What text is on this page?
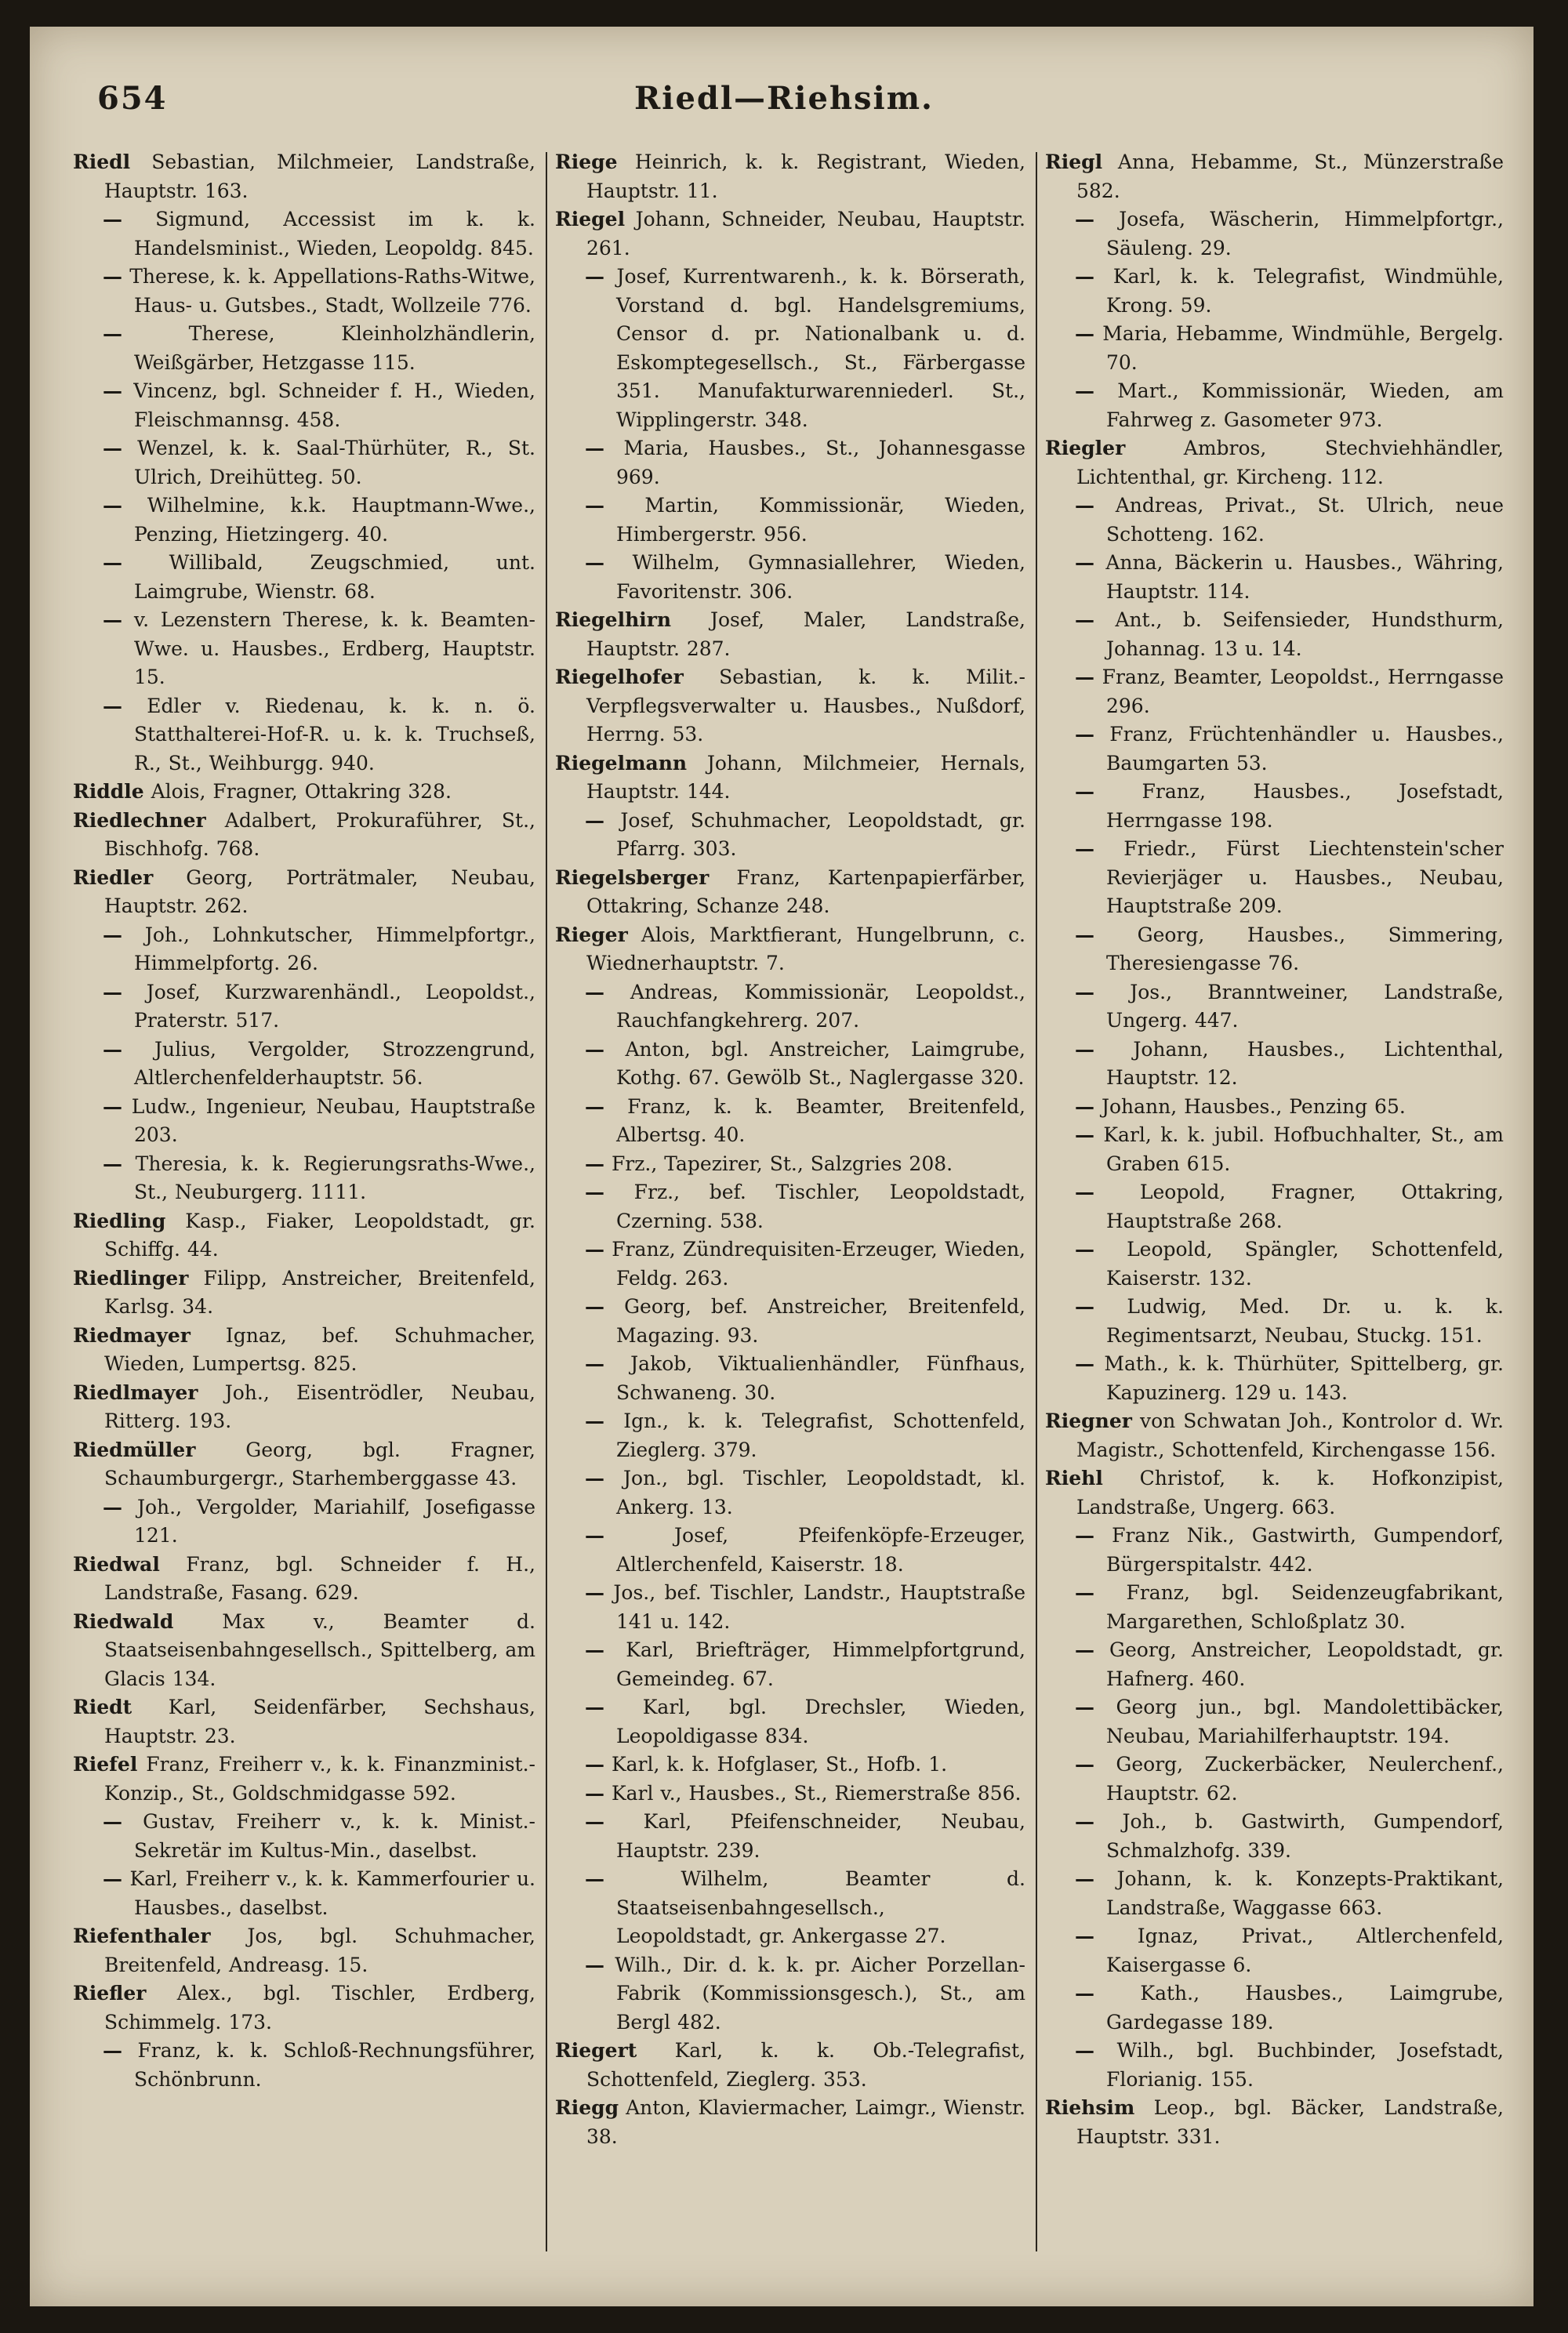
654	Riedl—Riehsim.

Riedl Sebastian, Milchmeier, Landstraße, Hauptstr. 163.

— Sigmund, Accessist im k. k. Handelsminist., Wieden, Leopoldg. 845.

— Therese, k. k. Appellations-Raths-Witwe, Haus- u. Gutsbes., Stadt, Wollzeile 776.

— Therese, Kleinholzhändlerin, Weißgärber, Hetzgasse 115.

— Vincenz, bgl. Schneider f. H., Wieden, Fleischmannsg. 458.

— Wenzel, k. k. Saal-Thürhüter, R., St. Ulrich, Dreihütteg. 50.

— Wilhelmine, k.k. Hauptmann-Wwe., Penzing, Hietzingerg. 40.

— Willibald, Zeugschmied, unt. Laimgrube, Wienstr. 68.

— v. Lezenstern Therese, k. k. Beamten-Wwe. u. Hausbes., Erdberg, Hauptstr. 15.

— Edler v. Riedenau, k. k. n. ö. Statthalterei-Hof-R. u. k. k. Truchseß, R., St., Weihburgg. 940.

Riddle Alois, Fragner, Ottakring 328.

Riedlechner Adalbert, Prokuraführer, St., Bischhofg. 768.

Riedler Georg, Porträtmaler, Neubau, Hauptstr. 262.

— Joh., Lohnkutscher, Himmelpfortgr., Himmelpfortg. 26.

— Josef, Kurzwarenhändl., Leopoldst., Praterstr. 517.

— Julius, Vergolder, Strozzengrund, Altlerchenfelderhauptstr. 56.

— Ludw., Ingenieur, Neubau, Hauptstraße 203.

— Theresia, k. k. Regierungsraths-Wwe., St., Neuburgerg. 1111.

Riedling Kasp., Fiaker, Leopoldstadt, gr. Schiffg. 44.

Riedlinger Filipp, Anstreicher, Breitenfeld, Karlsg. 34.

Riedmayer Ignaz, bef. Schuhmacher, Wieden, Lumpertsg. 825.

Riedlmayer Joh., Eisentrödler, Neubau, Ritterg. 193.

Riedmüller Georg, bgl. Fragner, Schaumburgergr., Starhemberggasse 43.

— Joh., Vergolder, Mariahilf, Josefigasse 121.

Riedwal Franz, bgl. Schneider f. H., Landstraße, Fasang. 629.

Riedwald Max v., Beamter d. Staatseisenbahngesellsch., Spittelberg, am Glacis 134.

Riedt Karl, Seidenfärber, Sechshaus, Hauptstr. 23.

Riefel Franz, Freiherr v., k. k. Finanzminist.-Konzip., St., Goldschmidgasse 592.

— Gustav, Freiherr v., k. k. Minist.-Sekretär im Kultus-Min., daselbst.

— Karl, Freiherr v., k. k. Kammerfourier u. Hausbes., daselbst.

Riefenthaler Jos, bgl. Schuhmacher, Breitenfeld, Andreasg. 15.

Riefler Alex., bgl. Tischler, Erdberg, Schimmelg. 173.

— Franz, k. k. Schloß-Rechnungsführer, Schönbrunn.

Riege Heinrich, k. k. Registrant, Wieden, Hauptstr. 11.

Riegel Johann, Schneider, Neubau, Hauptstr. 261.

— Josef, Kurrentwarenh., k. k. Börserath, Vorstand d. bgl. Handelsgremiums, Censor d. pr. Nationalbank u. d. Eskomptegesellsch., St., Färbergasse 351. Manufakturwarenniederl. St., Wipplingerstr. 348.

— Maria, Hausbes., St., Johannesgasse 969.

— Martin, Kommissionär, Wieden, Himbergerstr. 956.

— Wilhelm, Gymnasiallehrer, Wieden, Favoritenstr. 306.

Riegelhirn Josef, Maler, Landstraße, Hauptstr. 287.

Riegelhofer Sebastian, k. k. Milit.-Verpflegsverwalter u. Hausbes., Nußdorf, Herrng. 53.

Riegelmann Johann, Milchmeier, Hernals, Hauptstr. 144.

— Josef, Schuhmacher, Leopoldstadt, gr. Pfarrg. 303.

Riegelsberger Franz, Kartenpapierfärber, Ottakring, Schanze 248.

Rieger Alois, Marktfierant, Hungelbrunn, c. Wiednerhauptstr. 7.

— Andreas, Kommissionär, Leopoldst., Rauchfangkehrerg. 207.

— Anton, bgl. Anstreicher, Laimgrube, Kothg. 67. Gewölb St., Naglergasse 320.

— Franz, k. k. Beamter, Breitenfeld, Albertsg. 40.

— Frz., Tapezirer, St., Salzgries 208.

— Frz., bef. Tischler, Leopoldstadt, Czerning. 538.

— Franz, Zündrequisiten-Erzeuger, Wieden, Feldg. 263.

— Georg, bef. Anstreicher, Breitenfeld, Magazing. 93.

— Jakob, Viktualienhändler, Fünfhaus, Schwaneng. 30.

— Ign., k. k. Telegrafist, Schottenfeld, Zieglerg. 379.

— Jon., bgl. Tischler, Leopoldstadt, kl. Ankerg. 13.

— Josef, Pfeifenköpfe-Erzeuger, Altlerchenfeld, Kaiserstr. 18.

— Jos., bef. Tischler, Landstr., Hauptstraße 141 u. 142.

— Karl, Briefträger, Himmelpfortgrund, Gemeindeg. 67.

— Karl, bgl. Drechsler, Wieden, Leopoldigasse 834.

— Karl, k. k. Hofglaser, St., Hofb. 1.

— Karl v., Hausbes., St., Riemerstraße 856.

— Karl, Pfeifenschneider, Neubau, Hauptstr. 239.

— Wilhelm, Beamter d. Staatseisenbahngesellsch., Leopoldstadt, gr. Ankergasse 27.

— Wilh., Dir. d. k. k. pr. Aicher Porzellan-Fabrik (Kommissionsgesch.), St., am Bergl 482.

Riegert Karl, k. k. Ob.-Telegrafist, Schottenfeld, Zieglerg. 353.

Riegg Anton, Klaviermacher, Laimgr., Wienstr. 38.

Riegl Anna, Hebamme, St., Münzerstraße 582.

— Josefa, Wäscherin, Himmelpfortgr., Säuleng. 29.

— Karl, k. k. Telegrafist, Windmühle, Krong. 59.

— Maria, Hebamme, Windmühle, Bergelg. 70.

— Mart., Kommissionär, Wieden, am Fahrweg z. Gasometer 973.

Riegler Ambros, Stechviehhändler, Lichtenthal, gr. Kircheng. 112.

— Andreas, Privat., St. Ulrich, neue Schotteng. 162.

— Anna, Bäckerin u. Hausbes., Währing, Hauptstr. 114.

— Ant., b. Seifensieder, Hundsthurm, Johannag. 13 u. 14.

— Franz, Beamter, Leopoldst., Herrngasse 296.

— Franz, Früchtenhändler u. Hausbes., Baumgarten 53.

— Franz, Hausbes., Josefstadt, Herrngasse 198.

— Friedr., Fürst Liechtenstein'scher Revierjäger u. Hausbes., Neubau, Hauptstraße 209.

— Georg, Hausbes., Simmering, Theresiengasse 76.

— Jos., Branntweiner, Landstraße, Ungerg. 447.

— Johann, Hausbes., Lichtenthal, Hauptstr. 12.

— Johann, Hausbes., Penzing 65.

— Karl, k. k. jubil. Hofbuchhalter, St., am Graben 615.

— Leopold, Fragner, Ottakring, Hauptstraße 268.

— Leopold, Spängler, Schottenfeld, Kaiserstr. 132.

— Ludwig, Med. Dr. u. k. k. Regimentsarzt, Neubau, Stuckg. 151.

— Math., k. k. Thürhüter, Spittelberg, gr. Kapuzinerg. 129 u. 143.

Riegner von Schwatan Joh., Kontrolor d. Wr. Magistr., Schottenfeld, Kirchengasse 156.

Riehl Christof, k. k. Hofkonzipist, Landstraße, Ungerg. 663.

— Franz Nik., Gastwirth, Gumpendorf, Bürgerspitalstr. 442.

— Franz, bgl. Seidenzeugfabrikant, Margarethen, Schloßplatz 30.

— Georg, Anstreicher, Leopoldstadt, gr. Hafnerg. 460.

— Georg jun., bgl. Mandolettibäcker, Neubau, Mariahilferhauptstr. 194.

— Georg, Zuckerbäcker, Neulerchenf., Hauptstr. 62.

— Joh., b. Gastwirth, Gumpendorf, Schmalzhofg. 339.

— Johann, k. k. Konzepts-Praktikant, Landstraße, Waggasse 663.

— Ignaz, Privat., Altlerchenfeld, Kaisergasse 6.

— Kath., Hausbes., Laimgrube, Gardegasse 189.

— Wilh., bgl. Buchbinder, Josefstadt, Florianig. 155.

Riehsim Leop., bgl. Bäcker, Landstraße, Hauptstr. 331.
